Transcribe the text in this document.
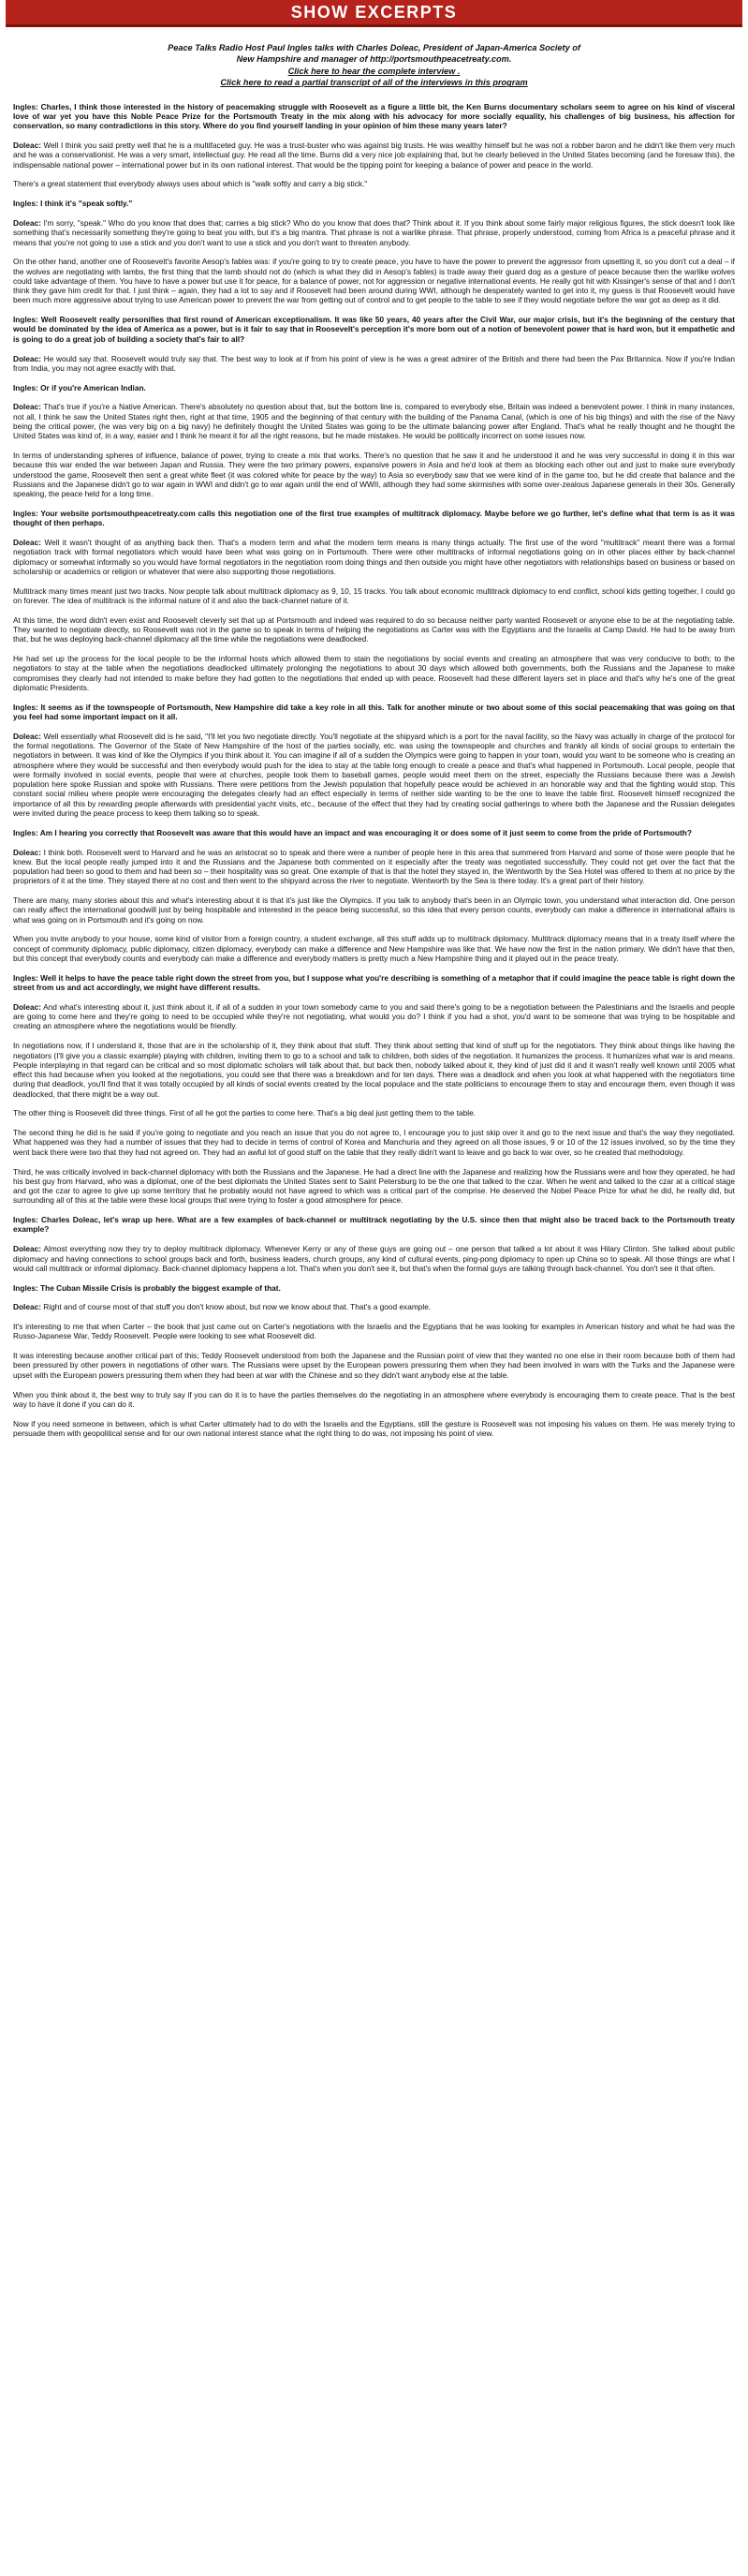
SHOW EXCERPTS
Peace Talks Radio Host Paul Ingles talks with Charles Doleac, President of Japan-America Society of
New Hampshire and manager of http://portsmouthpeacetreaty.com.
Click here to hear the complete interview .
Click here to read a partial transcript of all of the interviews in this program

Ingles: Charles, I think those interested in the history of peacemaking struggle with Roosevelt as a figure a little bit, the Ken Burns documentary scholars seem to agree on his kind of visceral love of war yet you have this Noble Peace Prize for the Portsmouth Treaty in the mix along with his advocacy for more socially equality, his challenges of big business, his affection for conservation, so many contradictions in this story. Where do you find yourself landing in your opinion of him these many years later?

Doleac: Well I think you said pretty well that he is a multifaceted guy. He was a trust-buster who was against big trusts. He was wealthy himself but he was not a robber baron and he didn't like them very much and he was a conservationist. He was a very smart, intellectual guy. He read all the time. Burns did a very nice job explaining that, but he clearly believed in the United States becoming (and he foresaw this), the indispensable national power – international power but in its own national interest. That would be the tipping point for keeping a balance of power and peace in the world.

There's a great statement that everybody always uses about which is "walk softly and carry a big stick."

Ingles: I think it's "speak softly."

Doleac: I'm sorry, "speak." Who do you know that does that; carries a big stick? Who do you know that does that? Think about it. If you think about some fairly major religious figures, the stick doesn't look like something that's necessarily something they're going to beat you with, but it's a big mantra. That phrase is not a warlike phrase. That phrase, properly understood, coming from Africa is a peaceful phrase and it means that you're not going to use a stick and you don't want to use a stick and you don't want to threaten anybody.

On the other hand, another one of Roosevelt's favorite Aesop's fables was: if you're going to try to create peace, you have to have the power to prevent the aggressor from upsetting it, so you don't cut a deal – if the wolves are negotiating with lambs, the first thing that the lamb should not do (which is what they did in Aesop's fables) is trade away their guard dog as a gesture of peace because then the warlike wolves could take advantage of them. You have to have a power but use it for peace, for a balance of power, not for aggression or negative international events. He really got hit with Kissinger's sense of that and I don't think they gave him credit for that. I just think – again, they had a lot to say and if Roosevelt had been around during WWI, although he desperately wanted to get into it, my guess is that Roosevelt would have been much more aggressive about trying to use American power to prevent the war from getting out of control and to get people to the table to see if they would negotiate before the war got as deep as it did.

Ingles: Well Roosevelt really personifies that first round of American exceptionalism. It was like 50 years, 40 years after the Civil War, our major crisis, but it's the beginning of the century that would be dominated by the idea of America as a power, but is it fair to say that in Roosevelt's perception it's more born out of a notion of benevolent power that is hard won, but it empathetic and is going to do a great job of building a society that's fair to all?

Doleac: He would say that. Roosevelt would truly say that. The best way to look at if from his point of view is he was a great admirer of the British and there had been the Pax Britannica. Now if you're Indian from India, you may not agree exactly with that.

Ingles: Or if you're American Indian.

Doleac: That's true if you're a Native American. There's absolutely no question about that, but the bottom line is, compared to everybody else, Britain was indeed a benevolent power. I think in many instances, not all, I think he saw the United States right then, right at that time, 1905 and the beginning of that century with the building of the Panama Canal, (which is one of his big things) and with the rise of the Navy being the critical power, (he was very big on a big navy) he definitely thought the United States was going to be the ultimate balancing power after England. That's what he really thought and he thought the United States was kind of, in a way, easier and I think he meant it for all the right reasons, but he made mistakes. He would be politically incorrect on some issues now.

In terms of understanding spheres of influence, balance of power, trying to create a mix that works. There's no question that he saw it and he understood it and he was very successful in doing it in this war because this war ended the war between Japan and Russia. They were the two primary powers, expansive powers in Asia and he'd look at them as blocking each other out and just to make sure everybody understood the game, Roosevelt then sent a great white fleet (it was colored white for peace by the way) to Asia so everybody saw that we were kind of in the game too, but he did create that balance and the Russians and the Japanese didn't go to war again in WWI and didn't go to war again until the end of WWII, although they had some skirmishes with some over-zealous Japanese generals in their 30s. Generally speaking, the peace held for a long time.

Ingles: Your website portsmouthpeacetreaty.com calls this negotiation one of the first true examples of multitrack diplomacy. Maybe before we go further, let's define what that term is as it was thought of then perhaps.

Doleac: Well it wasn't thought of as anything back then. That's a modern term and what the modern term means is many things actually. The first use of the word "multitrack" meant there was a formal negotiation track with formal negotiators which would have been what was going on in Portsmouth. There were other multitracks of informal negotiations going on in other places either by back-channel diplomacy or somewhat informally so you would have formal negotiators in the negotiation room doing things and then outside you might have other negotiators with relationships based on business or based on scholarship or academics or religion or whatever that were also supporting those negotiations.

Multitrack many times meant just two tracks. Now people talk about multitrack diplomacy as 9, 10, 15 tracks. You talk about economic multitrack diplomacy to end conflict, school kids getting together, I could go on forever. The idea of multitrack is the informal nature of it and also the back-channel nature of it.

At this time, the word didn't even exist and Roosevelt cleverly set that up at Portsmouth and indeed was required to do so because neither party wanted Roosevelt or anyone else to be at the negotiating table. They wanted to negotiate directly, so Roosevelt was not in the game so to speak in terms of helping the negotiations as Carter was with the Egyptians and the Israelis at Camp David. He had to be away from that, but he was deploying back-channel diplomacy all the time while the negotiations were deadlocked.

He had set up the process for the local people to be the informal hosts which allowed them to stain the negotiations by social events and creating an atmosphere that was very conducive to both; to the negotiators to stay at the table when the negotiations deadlocked ultimately prolonging the negotiations to about 30 days which allowed both governments, both the Russians and the Japanese to make compromises they clearly had not intended to make before they had gotten to the negotiations that ended up with peace. Roosevelt had these different layers set in place and that's why he's one of the great diplomatic Presidents.

Ingles: It seems as if the townspeople of Portsmouth, New Hampshire did take a key role in all this. Talk for another minute or two about some of this social peacemaking that was going on that you feel had some important impact on it all.

Doleac: Well essentially what Roosevelt did is he said, "I'll let you two negotiate directly. You'll negotiate at the shipyard which is a port for the naval facility, so the Navy was actually in charge of the protocol for the formal negotiations. The Governor of the State of New Hampshire of the host of the parties socially, etc. was using the townspeople and churches and frankly all kinds of social groups to entertain the negotiators in between. It was kind of like the Olympics if you think about it. You can imagine if all of a sudden the Olympics were going to happen in your town, would you want to be someone who is creating an atmosphere where they would be successful and then everybody would push for the idea to stay at the table long enough to create a peace and that's what happened in Portsmouth. Local people, people that were formally involved in social events, people that were at churches, people took them to baseball games, people would meet them on the street, especially the Russians because there was a Jewish population here spoke Russian and spoke with Russians. There were petitions from the Jewish population that hopefully peace would be achieved in an honorable way and that the fighting would stop. This constant social milieu where people were encouraging the delegates clearly had an effect especially in terms of neither side wanting to be the one to leave the table first. Roosevelt himself recognized the importance of all this by rewarding people afterwards with presidential yacht visits, etc., because of the effect that they had by creating social gatherings to where both the Japanese and the Russian delegates were invited during the peace process to keep them talking so to speak.

Ingles: Am I hearing you correctly that Roosevelt was aware that this would have an impact and was encouraging it or does some of it just seem to come from the pride of Portsmouth?

Doleac: I think both. Roosevelt went to Harvard and he was an aristocrat so to speak and there were a number of people here in this area that summered from Harvard and some of those were people that he knew. But the local people really jumped into it and the Russians and the Japanese both commented on it especially after the treaty was negotiated successfully. They could not get over the fact that the population had been so good to them and had been so – their hospitality was so great. One example of that is that the hotel they stayed in, the Wentworth by the Sea Hotel was offered to them at no price by the proprietors of it at the time. They stayed there at no cost and then went to the shipyard across the river to negotiate. Wentworth by the Sea is there today. It's a great part of their history.

There are many, many stories about this and what's interesting about it is that it's just like the Olympics. If you talk to anybody that's been in an Olympic town, you understand what interaction did. One person can really affect the international goodwill just by being hospitable and interested in the peace being successful, so this idea that every person counts, everybody can make a difference in international affairs is what was going on in Portsmouth and it's going on now.

When you invite anybody to your house, some kind of visitor from a foreign country, a student exchange, all this stuff adds up to multitrack diplomacy. Multitrack diplomacy means that in a treaty itself where the concept of community diplomacy, public diplomacy, citizen diplomacy, everybody can make a difference and New Hampshire was like that. We have now the first in the nation primary. We didn't have that then, but this concept that everybody counts and everybody can make a difference and everybody matters is pretty much a New Hampshire thing and it played out in the peace treaty.

Ingles: Well it helps to have the peace table right down the street from you, but I suppose what you're describing is something of a metaphor that if could imagine the peace table is right down the street from us and act accordingly, we might have different results.

Doleac: And what's interesting about it, just think about it, if all of a sudden in your town somebody came to you and said there's going to be a negotiation between the Palestinians and the Israelis and people are going to come here and they're going to need to be occupied while they're not negotiating, what would you do? I think if you had a shot, you'd want to be someone that was trying to be hospitable and creating an atmosphere where the negotiations would be friendly.

In negotiations now, if I understand it, those that are in the scholarship of it, they think about that stuff. They think about setting that kind of stuff up for the negotiators. They think about things like having the negotiators (I'll give you a classic example) playing with children, inviting them to go to a school and talk to children, both sides of the negotiation. It humanizes the process. It humanizes what war is and means. People interplaying in that regard can be critical and so most diplomatic scholars will talk about that, but back then, nobody talked about it, they kind of just did it and it wasn't really well known until 2005 what effect this had because when you looked at the negotiations, you could see that there was a breakdown and for ten days. There was a deadlock and when you look at what happened with the negotiators time during that deadlock, you'll find that it was totally occupied by all kinds of social events created by the local populace and the state politicians to encourage them to stay and encourage them, even though it was deadlocked, that there might be a way out.

The other thing is Roosevelt did three things. First of all he got the parties to come here. That's a big deal just getting them to the table.

The second thing he did is he said if you're going to negotiate and you reach an issue that you do not agree to, I encourage you to just skip over it and go to the next issue and that's the way they negotiated. What happened was they had a number of issues that they had to decide in terms of control of Korea and Manchuria and they agreed on all those issues, 9 or 10 of the 12 issues involved, so by the time they went back there were two that they had not agreed on. They had an awful lot of good stuff on the table that they really didn't want to leave and go back to war over, so he created that methodology.

Third, he was critically involved in back-channel diplomacy with both the Russians and the Japanese. He had a direct line with the Japanese and realizing how the Russians were and how they operated, he had his best guy from Harvard, who was a diplomat, one of the best diplomats the United States sent to Saint Petersburg to be the one that talked to the czar. When he went and talked to the czar at a critical stage and got the czar to agree to give up some territory that he probably would not have agreed to which was a critical part of the comprise. He deserved the Nobel Peace Prize for what he did, he really did, but surrounding all of this at the table were these local groups that were trying to foster a good atmosphere for peace.

Ingles: Charles Doleac, let's wrap up here. What are a few examples of back-channel or multitrack negotiating by the U.S. since then that might also be traced back to the Portsmouth treaty example?

Doleac: Almost everything now they try to deploy multitrack diplomacy. Whenever Kerry or any of these guys are going out – one person that talked a lot about it was Hilary Clinton. She talked about public diplomacy and having connections to school groups back and forth, business leaders, church groups, any kind of cultural events, ping-pong diplomacy to open up China so to speak. All those things are what I would call multitrack or informal diplomacy. Back-channel diplomacy happens a lot. That's when you don't see it, but that's when the formal guys are talking through back-channel. You don't see it that often.

Ingles: The Cuban Missile Crisis is probably the biggest example of that.

Doleac: Right and of course most of that stuff you don't know about, but now we know about that. That's a good example.

It's interesting to me that when Carter – the book that just came out on Carter's negotiations with the Israelis and the Egyptians that he was looking for examples in American history and what he had was the Russo-Japanese War, Teddy Roosevelt. People were looking to see what Roosevelt did.

It was interesting because another critical part of this; Teddy Roosevelt understood from both the Japanese and the Russian point of view that they wanted no one else in their room because both of them had been pressured by other powers in negotiations of other wars. The Russians were upset by the European powers pressuring them when they had been involved in wars with the Turks and the Japanese were upset with the European powers pressuring them when they had been at war with the Chinese and so they didn't want anybody else at the table.

When you think about it, the best way to truly say if you can do it is to have the parties themselves do the negotiating in an atmosphere where everybody is encouraging them to create peace. That is the best way to have it done if you can do it.

Now if you need someone in between, which is what Carter ultimately had to do with the Israelis and the Egyptians, still the gesture is Roosevelt was not imposing his values on them. He was merely trying to persuade them with geopolitical sense and for our own national interest stance what the right thing to do was, not imposing his point of view.
